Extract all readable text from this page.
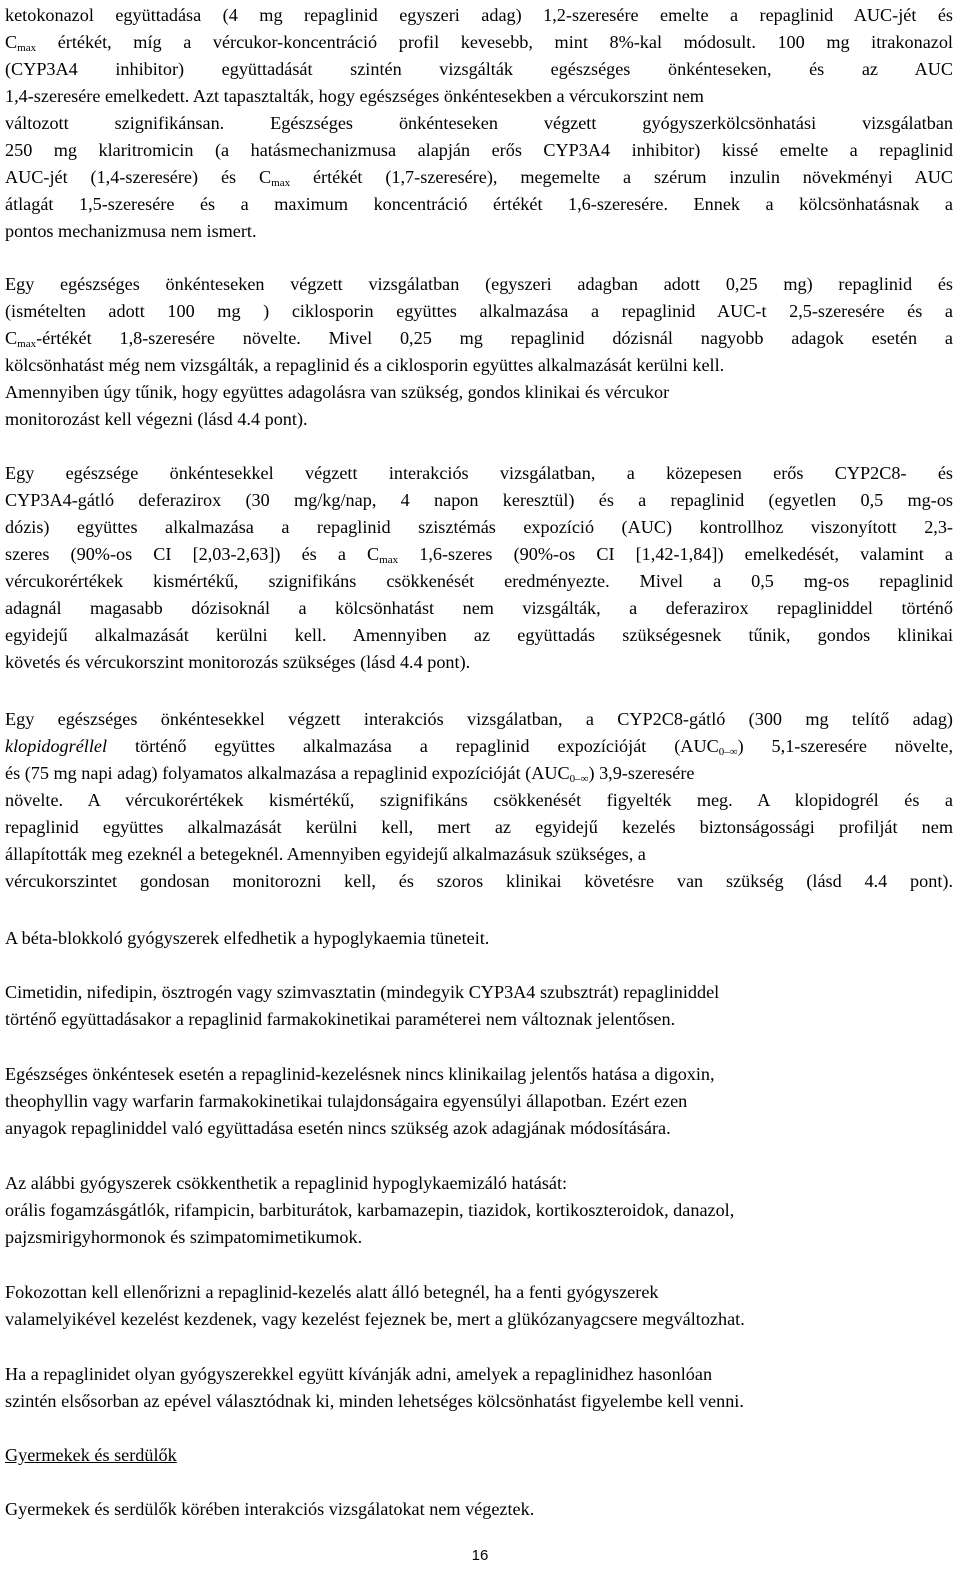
ketokonazol együttadása (4 mg repaglinid egyszeri adag) 1,2-szeresére emelte a repaglinid AUC-jét és
$C_{max}$ értékét, míg a vércukor-koncentráció profil kevesebb, mint 8%-kal módosult. 100 mg itrakonazol
(CYP3A4 inhibitor) együttadását szintén vizsgálták egészséges önkénteseken, és az AUC
1,4-szeresére emelkedett. Azt tapasztalták, hogy egészséges önkéntesekben a vércukorszint nem
változott szignifikánsan. Egészséges önkénteseken végzett gyógyszerkölcsönhatási vizsgálatban
250 mg klaritromicin (a hatásmechanizmusa alapján erős CYP3A4 inhibitor) kissé emelte a repaglinid
AUC-jét (1,4-szeresére) és $C_{max}$ értékét (1,7-szeresére), megemelte a szérum inzulin növekményi AUC
átlagát 1,5-szeresére és a maximum koncentráció értékét 1,6-szeresére. Ennek a kölcsönhatásnak a
pontos mechanizmusa nem ismert.

Egy egészséges önkénteseken végzett vizsgálatban (egyszeri adagban adott 0,25 mg) repaglinid és
(ismételten adott 100 mg ) ciklosporin együttes alkalmazása a repaglinid AUC-t 2,5-szeresére és a
$C_{max}$-értékét 1,8-szeresére növelte. Mivel 0,25 mg repaglinid dózisnál nagyobb adagok esetén a
kölcsönhatást még nem vizsgálták, a repaglinid és a ciklosporin együttes alkalmazását kerülni kell.
Amennyiben úgy tűnik, hogy együttes adagolásra van szükség, gondos klinikai és vércukor
monitorozást kell végezni (lásd 4.4 pont).

Egy egészsége önkéntesekkel végzett interakciós vizsgálatban, a közepesen erős CYP2C8- és
CYP3A4-gátló deferazirox (30 mg/kg/nap, 4 napon keresztül) és a repaglinid (egyetlen 0,5 mg-os
dózis) együttes alkalmazása a repaglinid szisztémás expozíció (AUC) kontrollhoz viszonyított 2,3-
szeres (90%-os CI [2,03-2,63]) és a $C_{max}$ 1,6-szeres (90%-os CI [1,42-1,84]) emelkedését, valamint a
vércukorértékek kismértékű, szignifikáns csökkenését eredményezte. Mivel a 0,5 mg-os repaglinid
adagnál magasabb dózisoknál a kölcsönhatást nem vizsgálták, a deferazirox repagliniddel történő
egyidejű alkalmazását kerülni kell. Amennyiben az együttadás szükségesnek tűnik, gondos klinikai
követés és vércukorszint monitorozás szükséges (lásd 4.4 pont).

Egy egészséges önkéntesekkel végzett interakciós vizsgálatban, a CYP2C8-gátló (300 mg telítő adag)
klopidogréllel történő együttes alkalmazása a repaglinid expozícióját $(AUC_{0-\infty})$ 5,1-szeresére növelte,
és (75 mg napi adag) folyamatos alkalmazása a repaglinid expozícióját $(AUC_{0-\infty})$ 3,9-szeresére
növelte. A vércukorértékek kismértékű, szignifikáns csökkenését figyelték meg. A klopidogrél és a
repaglinid együttes alkalmazását kerülni kell, mert az egyidejű kezelés biztonságossági profilját nem
állapították meg ezeknél a betegeknél. Amennyiben egyidejű alkalmazásuk szükséges, a
vércukorszintet gondosan monitorozni kell, és szoros klinikai követésre van szükség (lásd 4.4 pont).

A béta-blokkoló gyógyszerek elfedhetik a hypoglykaemia tüneteit.

Cimetidin, nifedipin, ösztrogén vagy szimvasztatin (mindegyik CYP3A4 szubsztrát) repagliniddel
történő együttadásakor a repaglinid farmakokinetikai paraméterei nem változnak jelentősen.

Egészséges önkéntesek esetén a repaglinid-kezelésnek nincs klinikailag jelentős hatása a digoxin,
theophyllin vagy warfarin farmakokinetikai tulajdonságaira egyensúlyi állapotban. Ezért ezen
anyagok repagliniddel való együttadása esetén nincs szükség azok adagjának módosítására.

Az alábbi gyógyszerek csökkenthetik a repaglinid hypoglykaemizáló hatását:
orális fogamzásgátlók, rifampicin, barbiturátok, karbamazepin, tiazidok, kortikoszteroidok, danazol,
pajzsmirigyhormonok és szimpatomimetikumok.

Fokozottan kell ellenőrizni a repaglinid-kezelés alatt álló betegnél, ha a fenti gyógyszerek
valamelyikével kezelést kezdenek, vagy kezelést fejeznek be, mert a glükózanyagcsere megváltozhat.

Ha a repaglinidet olyan gyógyszerekkel együtt kívánják adni, amelyek a repaglinidhez hasonlóan
szintén elsősorban az epével választódnak ki, minden lehetséges kölcsönhatást figyelembe kell venni.

Gyermekek és serdülők

Gyermekek és serdülők körében interakciós vizsgálatokat nem végeztek.

16
